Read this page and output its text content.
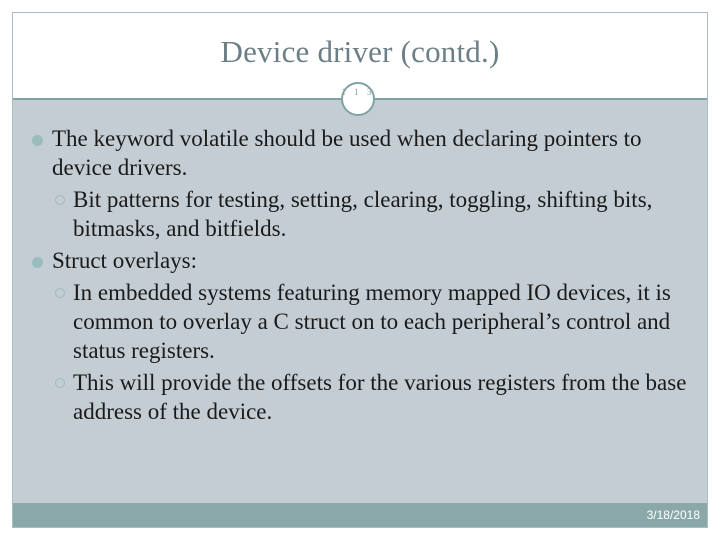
Device driver (contd.)
1 1 3
The keyword volatile should be used when declaring pointers to device drivers.
Bit patterns for testing, setting, clearing, toggling, shifting bits, bitmasks, and bitfields.
Struct overlays:
In embedded systems featuring memory mapped IO devices, it is common to overlay a C struct on to each peripheral’s control and status registers.
This will provide the offsets for the various registers from the base address of the device.
3/18/2018
